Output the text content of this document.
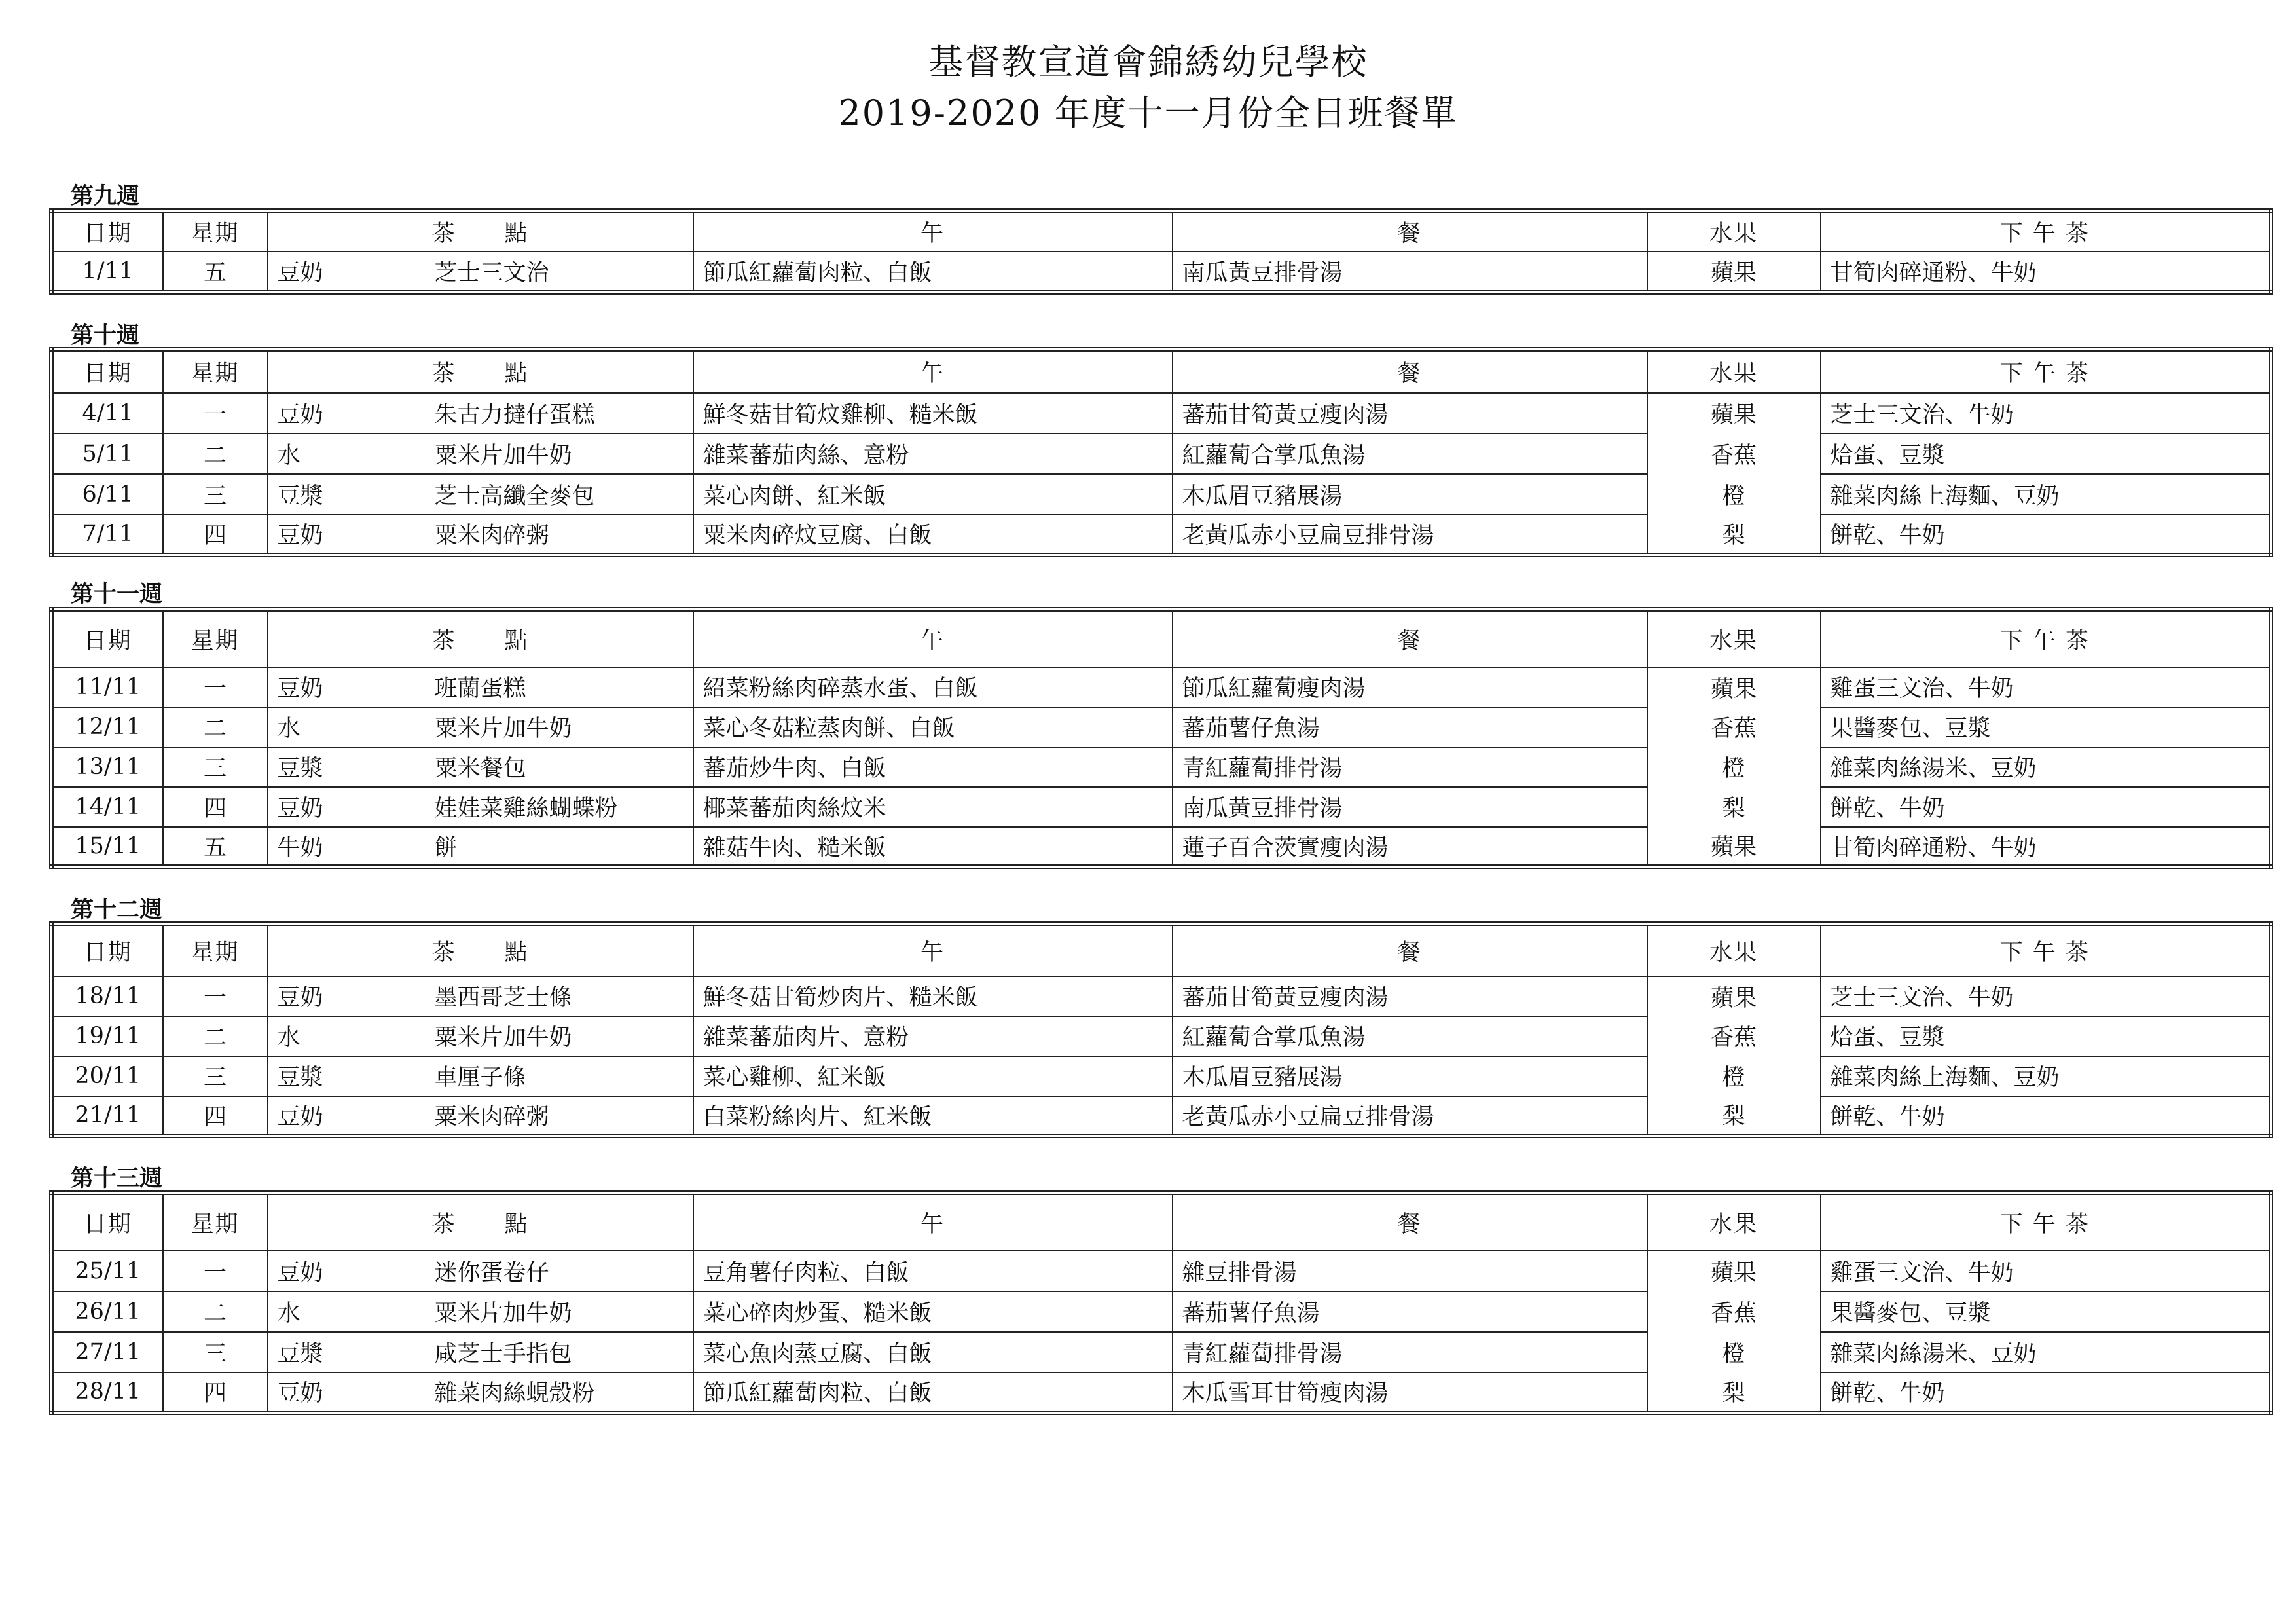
基督教宣道會錦綉幼兒學校
2019-2020 年度十一月份全日班餐單
第九週
日期	星期	茶　　點	午	餐	水果	下 午 茶
1/11	五	豆奶 芝士三文治	節瓜紅蘿蔔肉粒、白飯	南瓜黃豆排骨湯	蘋果	甘筍肉碎通粉、牛奶
第十週
日期	星期	茶　　點	午	餐	水果	下 午 茶
4/11	一	豆奶 朱古力撻仔蛋糕	鮮冬菇甘筍炆雞柳、糙米飯	蕃茄甘筍黃豆瘦肉湯	蘋果	芝士三文治、牛奶
5/11	二	水 粟米片加牛奶	雜菜蕃茄肉絲、意粉	紅蘿蔔合掌瓜魚湯	香蕉	烚蛋、豆漿
6/11	三	豆漿 芝士高纖全麥包	菜心肉餅、紅米飯	木瓜眉豆豬展湯	橙	雜菜肉絲上海麵、豆奶
7/11	四	豆奶 粟米肉碎粥	粟米肉碎炆豆腐、白飯	老黃瓜赤小豆扁豆排骨湯	梨	餅乾、牛奶
第十一週
日期	星期	茶　　點	午	餐	水果	下 午 茶
11/11	一	豆奶 班蘭蛋糕	紹菜粉絲肉碎蒸水蛋、白飯	節瓜紅蘿蔔瘦肉湯	蘋果	雞蛋三文治、牛奶
12/11	二	水 粟米片加牛奶	菜心冬菇粒蒸肉餅、白飯	蕃茄薯仔魚湯	香蕉	果醬麥包、豆漿
13/11	三	豆漿 粟米餐包	蕃茄炒牛肉、白飯	青紅蘿蔔排骨湯	橙	雜菜肉絲湯米、豆奶
14/11	四	豆奶 娃娃菜雞絲蝴蝶粉	椰菜蕃茄肉絲炆米	南瓜黃豆排骨湯	梨	餅乾、牛奶
15/11	五	牛奶 餅	雜菇牛肉、糙米飯	蓮子百合茨實瘦肉湯	蘋果	甘筍肉碎通粉、牛奶
第十二週
日期	星期	茶　　點	午	餐	水果	下 午 茶
18/11	一	豆奶 墨西哥芝士條	鮮冬菇甘筍炒肉片、糙米飯	蕃茄甘筍黃豆瘦肉湯	蘋果	芝士三文治、牛奶
19/11	二	水 粟米片加牛奶	雜菜蕃茄肉片、意粉	紅蘿蔔合掌瓜魚湯	香蕉	烚蛋、豆漿
20/11	三	豆漿 車厘子條	菜心雞柳、紅米飯	木瓜眉豆豬展湯	橙	雜菜肉絲上海麵、豆奶
21/11	四	豆奶 粟米肉碎粥	白菜粉絲肉片、紅米飯	老黃瓜赤小豆扁豆排骨湯	梨	餅乾、牛奶
第十三週
日期	星期	茶　　點	午	餐	水果	下 午 茶
25/11	一	豆奶 迷你蛋卷仔	豆角薯仔肉粒、白飯	雜豆排骨湯	蘋果	雞蛋三文治、牛奶
26/11	二	水 粟米片加牛奶	菜心碎肉炒蛋、糙米飯	蕃茄薯仔魚湯	香蕉	果醬麥包、豆漿
27/11	三	豆漿 咸芝士手指包	菜心魚肉蒸豆腐、白飯	青紅蘿蔔排骨湯	橙	雜菜肉絲湯米、豆奶
28/11	四	豆奶 雜菜肉絲蜆殼粉	節瓜紅蘿蔔肉粒、白飯	木瓜雪耳甘筍瘦肉湯	梨	餅乾、牛奶
